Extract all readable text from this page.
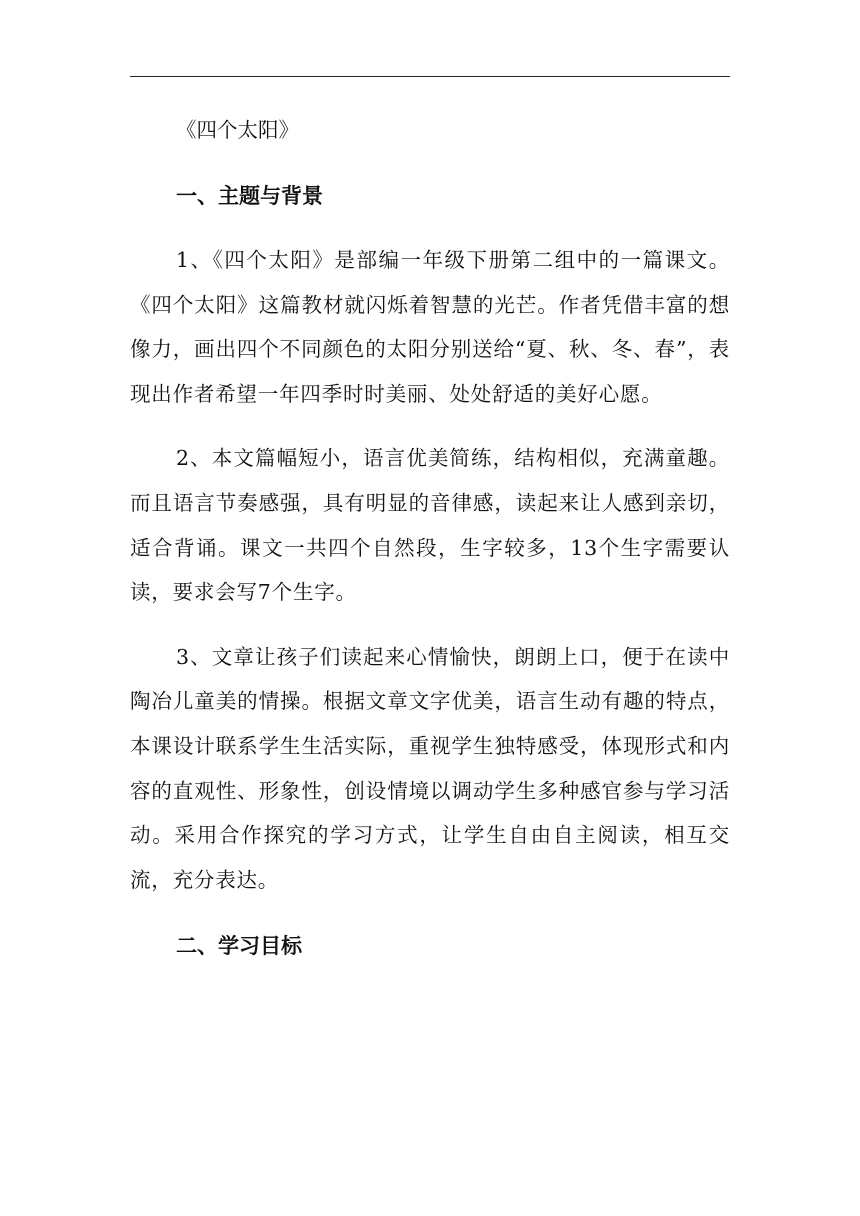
《四个太阳》

一、主题与背景

1、《四个太阳》是部编一年级下册第二组中的一篇课文。《四个太阳》这篇教材就闪烁着智慧的光芒。作者凭借丰富的想像力，画出四个不同颜色的太阳分别送给“夏、秋、冬、春”，表现出作者希望一年四季时时美丽、处处舒适的美好心愿。

2、本文篇幅短小，语言优美简练，结构相似，充满童趣。而且语言节奏感强，具有明显的音律感，读起来让人感到亲切，适合背诵。课文一共四个自然段，生字较多，13个生字需要认读，要求会写7个生字。

3、文章让孩子们读起来心情愉快，朗朗上口，便于在读中陶冶儿童美的情操。根据文章文字优美，语言生动有趣的特点，本课设计联系学生生活实际，重视学生独特感受，体现形式和内容的直观性、形象性，创设情境以调动学生多种感官参与学习活动。采用合作探究的学习方式，让学生自由自主阅读，相互交流，充分表达。

二、学习目标
